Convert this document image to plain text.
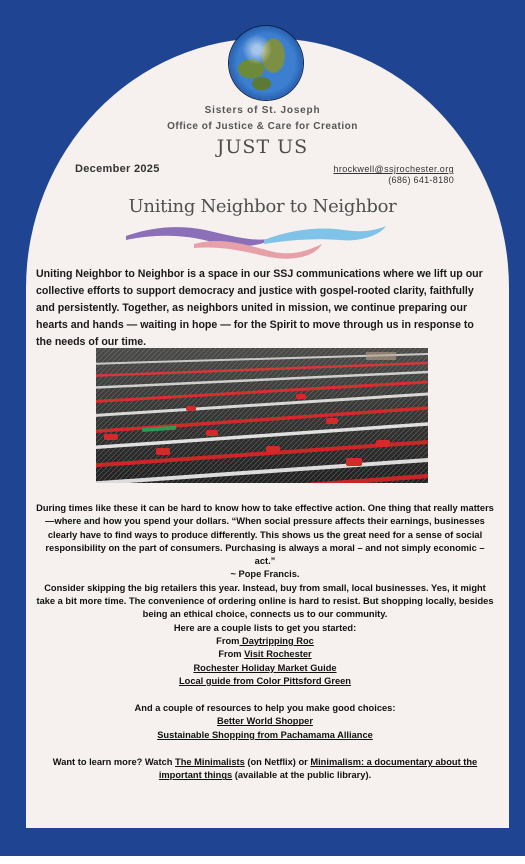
Sisters of St. Joseph
Office of Justice & Care for Creation
JUST US
December 2025	hrockwell@ssjrochester.org
(686) 641-8180
Uniting Neighbor to Neighbor
Uniting Neighbor to Neighbor is a space in our SSJ communications where we lift up our collective efforts to support democracy and justice with gospel-rooted clarity, faithfully and persistently. Together, as neighbors united in mission, we continue preparing our hearts and hands — waiting in hope — for the Spirit to move through us in response to the needs of our time.

During times like these it can be hard to know how to take effective action. One thing that really matters—where and how you spend your dollars. “When social pressure affects their earnings, businesses clearly have to find ways to produce differently. This shows us the great need for a sense of social responsibility on the part of consumers. Purchasing is always a moral – and not simply economic – act.”

~ Pope Francis.

Consider skipping the big retailers this year. Instead, buy from small, local businesses. Yes, it might take a bit more time. The convenience of ordering online is hard to resist. But shopping locally, besides being an ethical choice, connects us to our community.

Here are a couple lists to get you started:

From Daytripping Roc

From Visit Rochester

Rochester Holiday Market Guide

Local guide from Color Pittsford Green

And a couple of resources to help you make good choices:

Better World Shopper

Sustainable Shopping from Pachamama Alliance

Want to learn more? Watch The Minimalists (on Netflix) or Minimalism: a documentary about the important things (available at the public library).
